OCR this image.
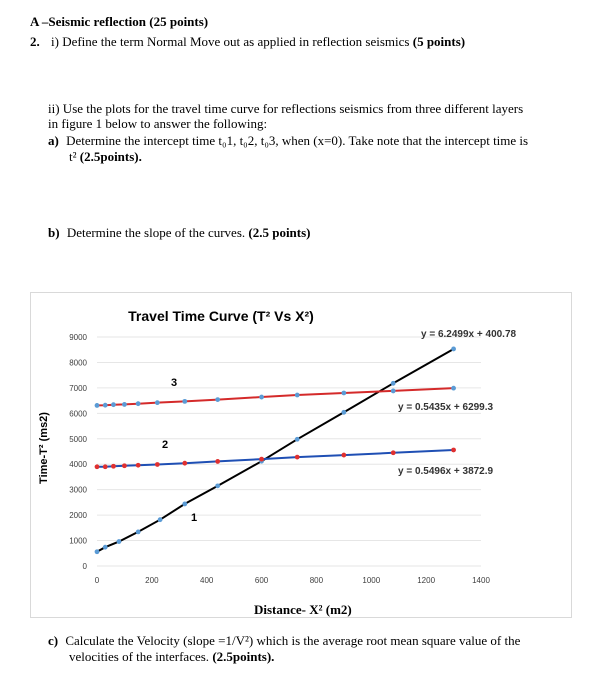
A –Seismic reflection (25 points)
2. i) Define the term Normal Move out as applied in reflection seismics (5 points)
ii) Use the plots for the travel time curve for reflections seismics from three different layers
in figure 1 below to answer the following:
a) Determine the intercept time t₀1, t₀2, t₀3, when (x=0). Take note that the intercept time is
t² (2.5points).
b) Determine the slope of the curves. (2.5 points)
Travel Time Curve (T² Vs X²)
0
1000
2000
3000
4000
5000
6000
7000
8000
9000
0	200	400	600	800	1000	1200	1400
1
y = 6.2499x + 400.78
2
y = 0.5496x + 3872.9
3
y = 0.5435x + 6299.3
Time-T² (ms2)
Distance- X² (m2)
c) Calculate the Velocity (slope =1/V²) which is the average root mean square value of the
velocities of the interfaces. (2.5points).
